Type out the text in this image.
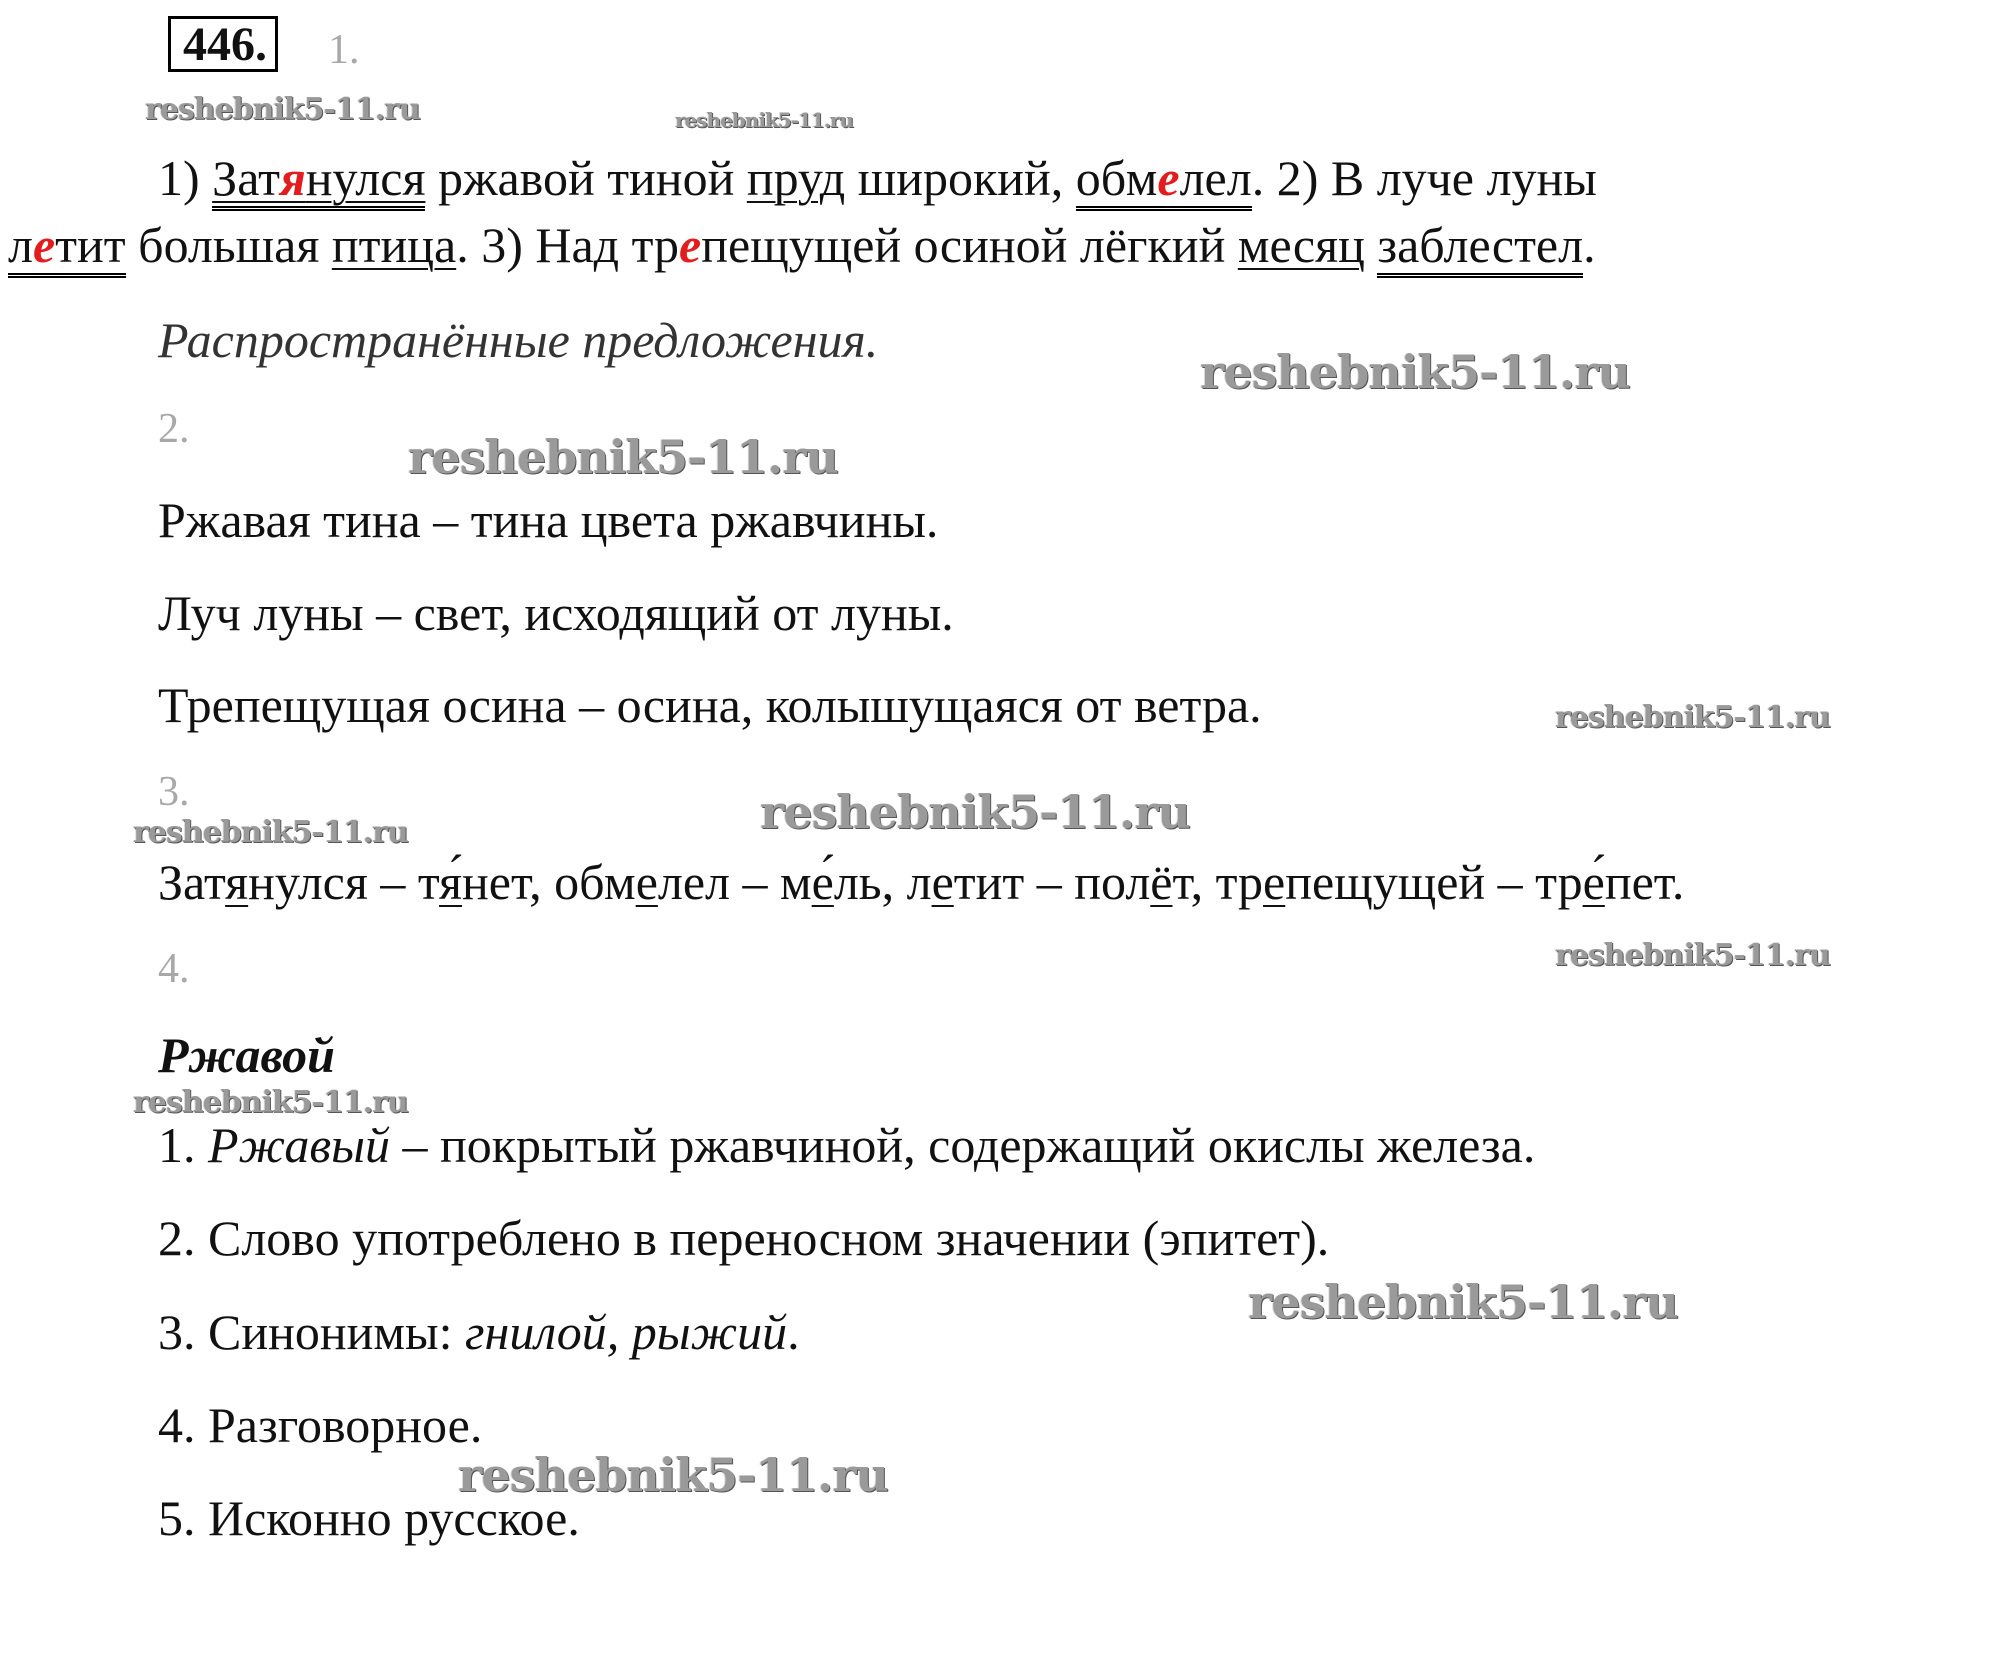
446. 1.
1) Затянулся ржавой тиной пруд широкий, обмелел. 2) В луче луны
летит большая птица. 3) Над трепещущей осиной лёгкий месяц заблестел.
Распространённые предложения.
2.
Ржавая тина – тина цвета ржавчины.
Луч луны – свет, исходящий от луны.
Трепещущая осина – осина, колышущаяся от ветра.
3.
Затянулся – тя́нет, обмелел – ме́ль, летит – полёт, трепещущей – тре́пет.
4.
Ржавой
1. Ржавый – покрытый ржавчиной, содержащий окислы железа.
2. Слово употреблено в переносном значении (эпитет).
3. Синонимы: гнилой, рыжий.
4. Разговорное.
5. Исконно русское.
reshebnik5-11.ru	reshebnik5-11.ru
reshebnik5-11.ru
reshebnik5-11.ru
reshebnik5-11.ru
reshebnik5-11.ru
reshebnik5-11.ru
reshebnik5-11.ru
reshebnik5-11.ru
reshebnik5-11.ru
reshebnik5-11.ru
